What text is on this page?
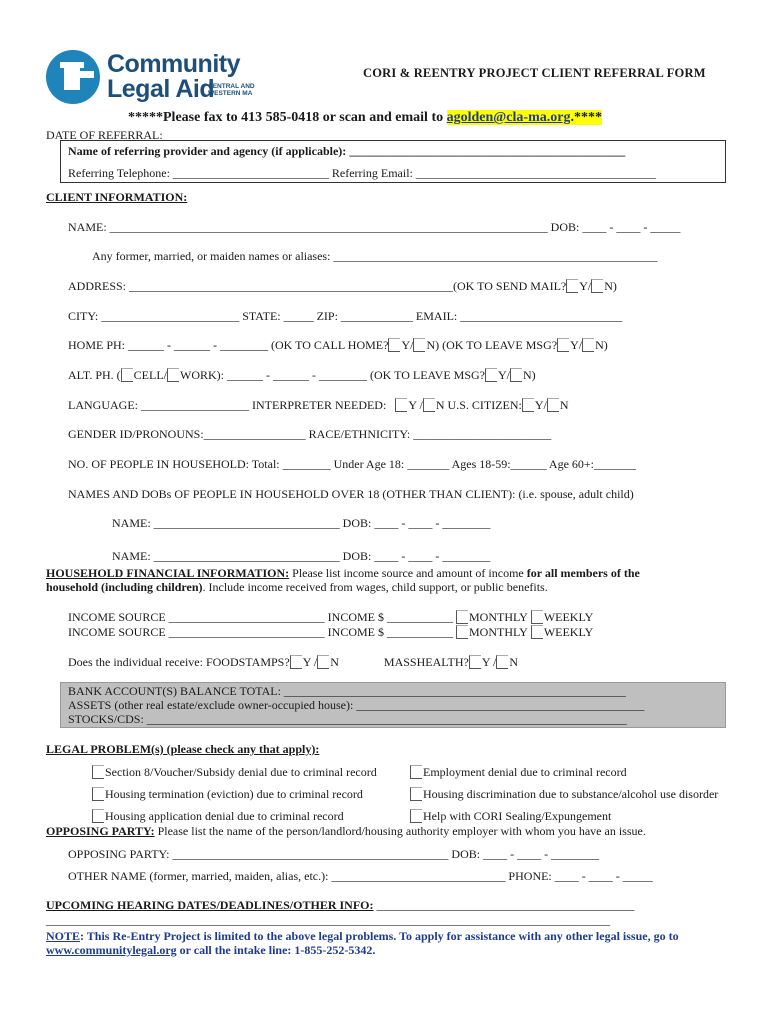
Community
Legal Aid
CENTRAL AND
WESTERN MA
CORI & REENTRY PROJECT CLIENT REFERRAL FORM
*****Please fax to 413 585-0418 or scan and email to agolden@cla-ma.org.****
DATE OF REFERRAL:_____________________
Name of referring provider and agency (if applicable): ______________________________________________
Referring Telephone: __________________________ Referring Email: ________________________________________
CLIENT INFORMATION:
NAME: _________________________________________________________________________ DOB: ____ - ____ - _____
Any former, married, or maiden names or aliases: ______________________________________________________
ADDRESS: ______________________________________________________(OK TO SEND MAIL? Y/ N)
CITY: _______________________ STATE: _____ ZIP: ____________ EMAIL: ___________________________
HOME PH: ______ - ______ - ________ (OK TO CALL HOME? Y/ N) (OK TO LEAVE MSG? Y/ N)
ALT. PH. ( CELL/ WORK): ______ - ______ - ________ (OK TO LEAVE MSG? Y/ N)
LANGUAGE: __________________ INTERPRETER NEEDED: Y / N U.S. CITIZEN: Y/ N
GENDER ID/PRONOUNS:_________________ RACE/ETHNICITY: _______________________
NO. OF PEOPLE IN HOUSEHOLD: Total: ________ Under Age 18: _______ Ages 18-59:______ Age 60+:_______
NAMES AND DOBs OF PEOPLE IN HOUSEHOLD OVER 18 (OTHER THAN CLIENT): (i.e. spouse, adult child)
NAME: _______________________________ DOB: ____ - ____ - ________
NAME: _______________________________ DOB: ____ - ____ - ________
HOUSEHOLD FINANCIAL INFORMATION: Please list income source and amount of income for all members of the
household (including children). Include income received from wages, child support, or public benefits.
INCOME SOURCE __________________________ INCOME $ ___________ MONTHLY WEEKLY
INCOME SOURCE __________________________ INCOME $ ___________ MONTHLY WEEKLY
Does the individual receive: FOODSTAMPS? Y / N	MASSHEALTH? Y / N
BANK ACCOUNT(S) BALANCE TOTAL: _________________________________________________________
ASSETS (other real estate/exclude owner-occupied house): ________________________________________________
STOCKS/CDS: ________________________________________________________________________________
LEGAL PROBLEM(s) (please check any that apply):
Section 8/Voucher/Subsidy denial due to criminal record	Employment denial due to criminal record
Housing termination (eviction) due to criminal record	Housing discrimination due to substance/alcohol use disorder
Housing application denial due to criminal record	Help with CORI Sealing/Expungement
OPPOSING PARTY: Please list the name of the person/landlord/housing authority employer with whom you have an issue.
OPPOSING PARTY: ______________________________________________ DOB: ____ - ____ - ________
OTHER NAME (former, married, maiden, alias, etc.): _____________________________ PHONE: ____ - ____ - _____
UPCOMING HEARING DATES/DEADLINES/OTHER INFO: ___________________________________________
______________________________________________________________________________________________
NOTE: This Re-Entry Project is limited to the above legal problems. To apply for assistance with any other legal issue, go to
www.communitylegal.org or call the intake line: 1-855-252-5342.
